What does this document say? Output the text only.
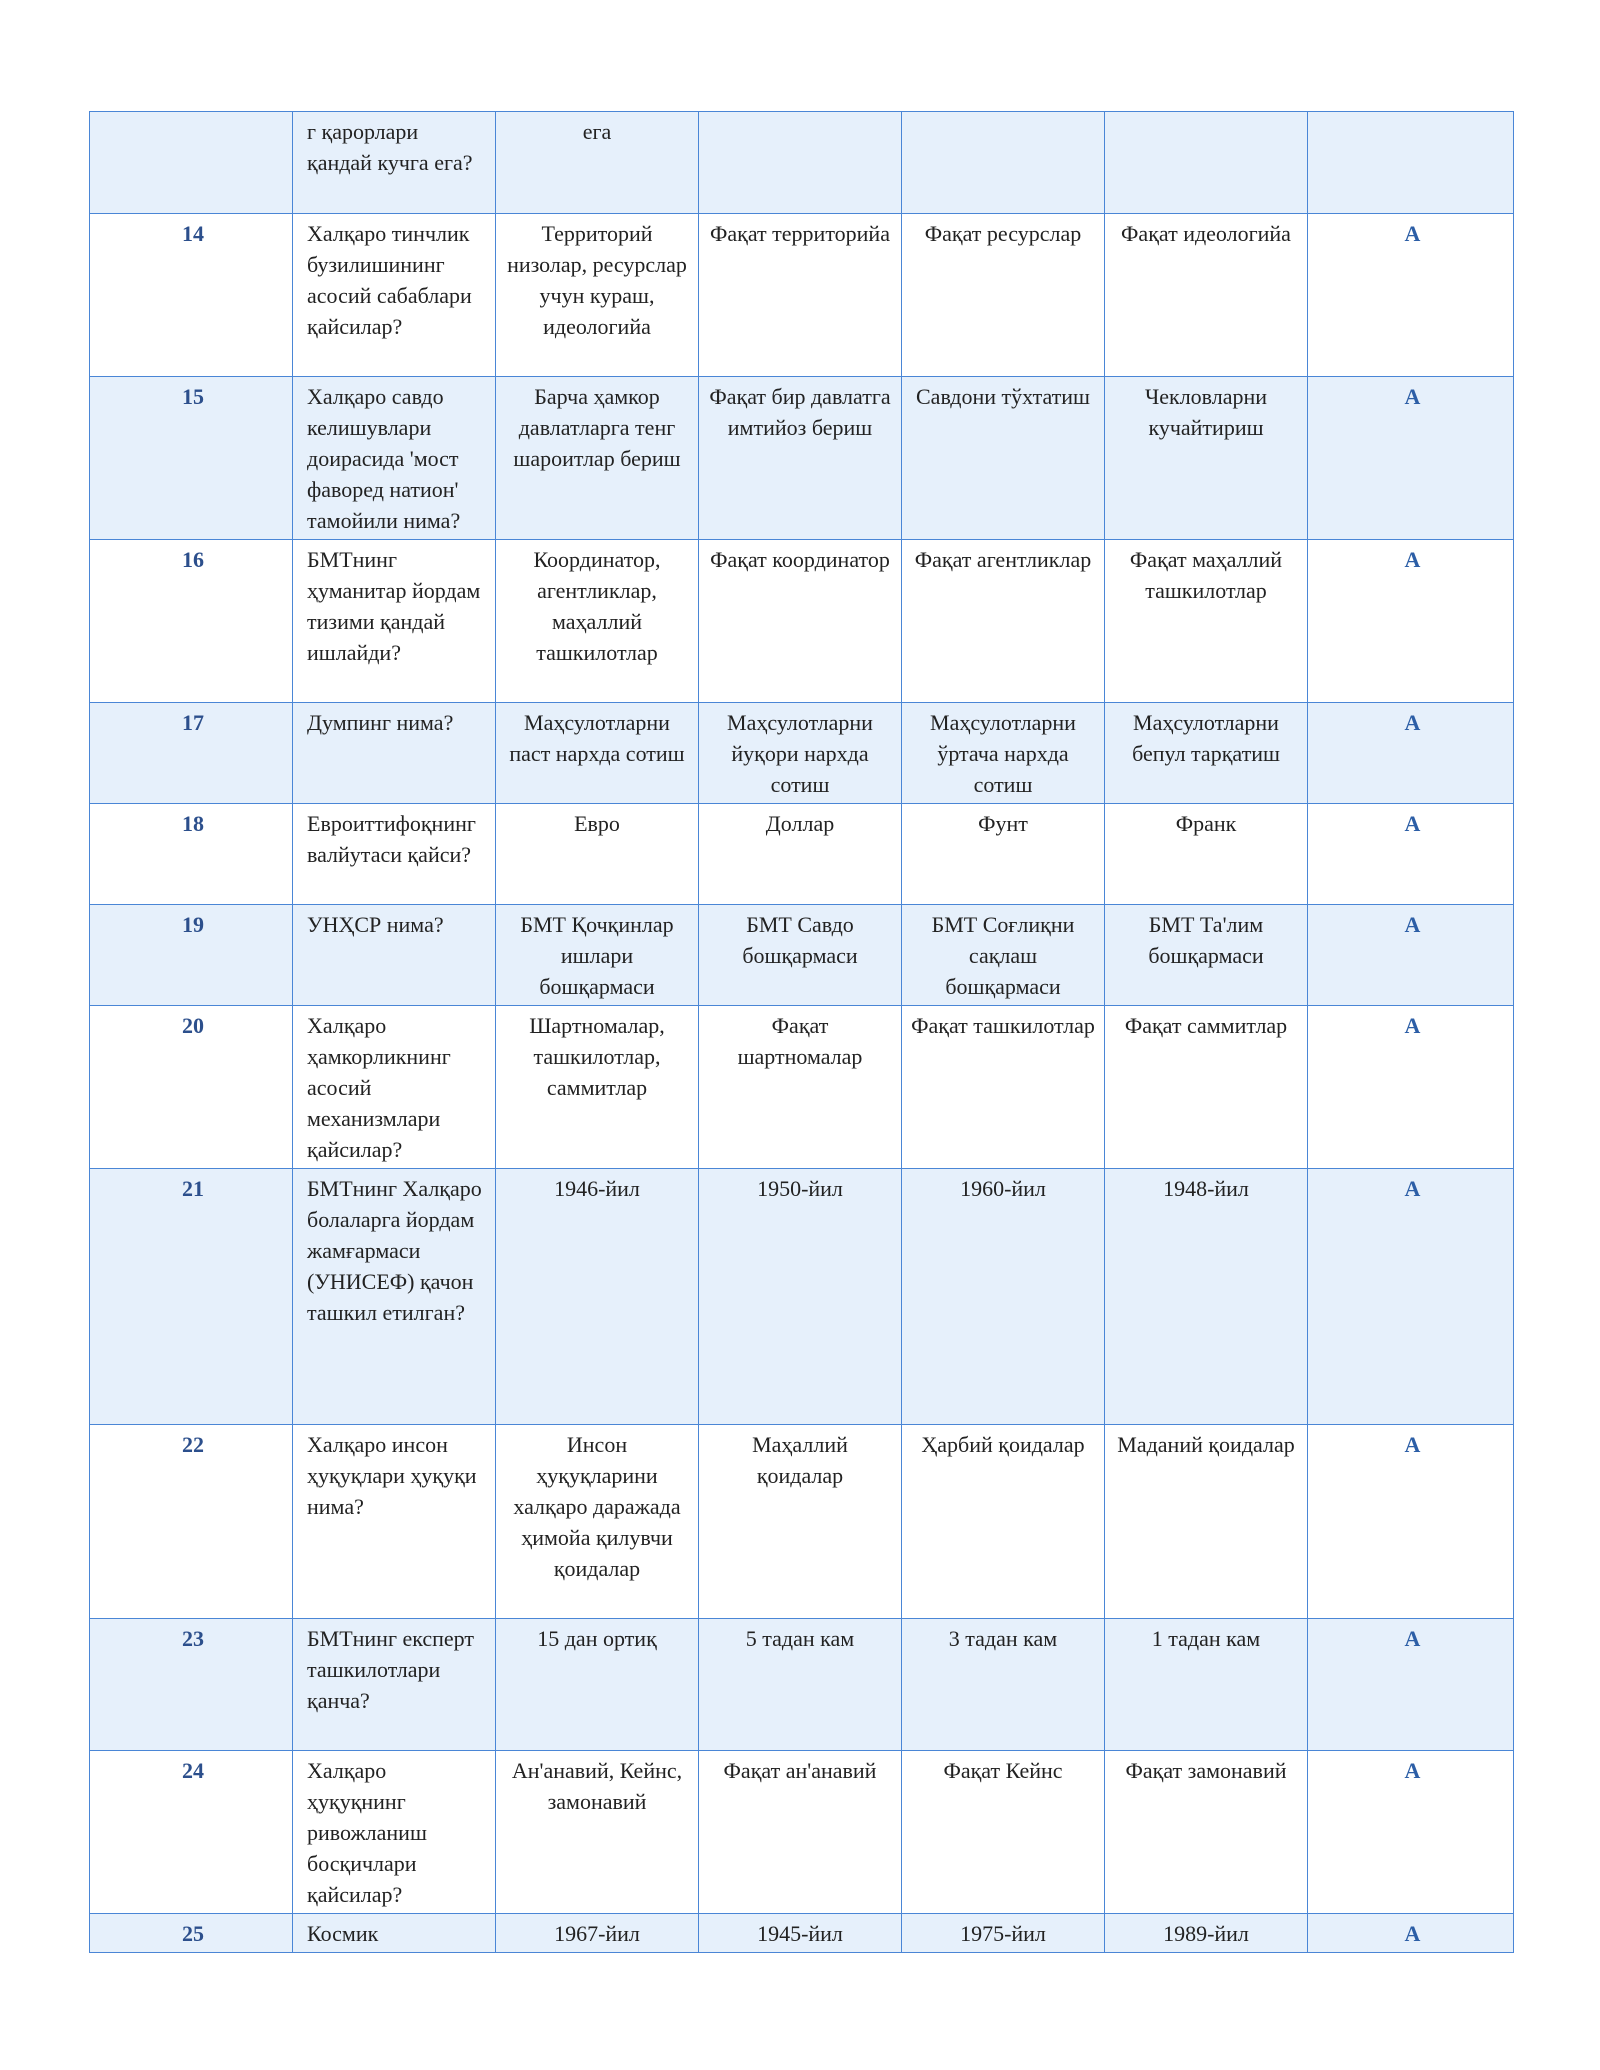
	г қарорлари қандай кучга ега?	ега				
14	Халқаро тинчлик бузилишининг асосий сабаблари қайсилар?	Территорий низолар, ресурслар учун кураш, идеологийа	Фақат территорийа	Фақат ресурслар	Фақат идеологийа	A
15	Халқаро савдо келишувлари доирасида 'мост фаворед натион' тамойили нима?	Барча ҳамкор давлатларга тенг шароитлар бериш	Фақат бир давлатга имтийоз бериш	Савдони тўхтатиш	Чекловларни кучайтириш	A
16	БМТнинг ҳуманитар йордам тизими қандай ишлайди?	Координатор, агентликлар, маҳаллий ташкилотлар	Фақат координатор	Фақат агентликлар	Фақат маҳаллий ташкилотлар	A
17	Думпинг нима?	Маҳсулотларни паст нархда сотиш	Маҳсулотларни йуқори нархда сотиш	Маҳсулотларни ўртача нархда сотиш	Маҳсулотларни бепул тарқатиш	A
18	Евроиттифоқнинг валйутаси қайси?	Евро	Доллар	Фунт	Франк	A
19	УНҲСР нима?	БМТ Қочқинлар ишлари бошқармаси	БМТ Савдо бошқармаси	БМТ Соғлиқни сақлаш бошқармаси	БМТ Та'лим бошқармаси	A
20	Халқаро ҳамкорликнинг асосий механизмлари қайсилар?	Шартномалар, ташкилотлар, саммитлар	Фақат шартномалар	Фақат ташкилотлар	Фақат саммитлар	A
21	БМТнинг Халқаро болаларга йордам жамғармаси (УНИСЕФ) қачон ташкил етилган?	1946-йил	1950-йил	1960-йил	1948-йил	A
22	Халқаро инсон ҳуқуқлари ҳуқуқи нима?	Инсон ҳуқуқларини халқаро даражада ҳимойа қилувчи қоидалар	Маҳаллий қоидалар	Ҳарбий қоидалар	Маданий қоидалар	A
23	БМТнинг експерт ташкилотлари қанча?	15 дан ортиқ	5 тадан кам	3 тадан кам	1 тадан кам	A
24	Халқаро ҳуқуқнинг ривожланиш босқичлари қайсилар?	Ан'анавий, Кейнс, замонавий	Фақат ан'анавий	Фақат Кейнс	Фақат замонавий	A
25	Космик	1967-йил	1945-йил	1975-йил	1989-йил	A
